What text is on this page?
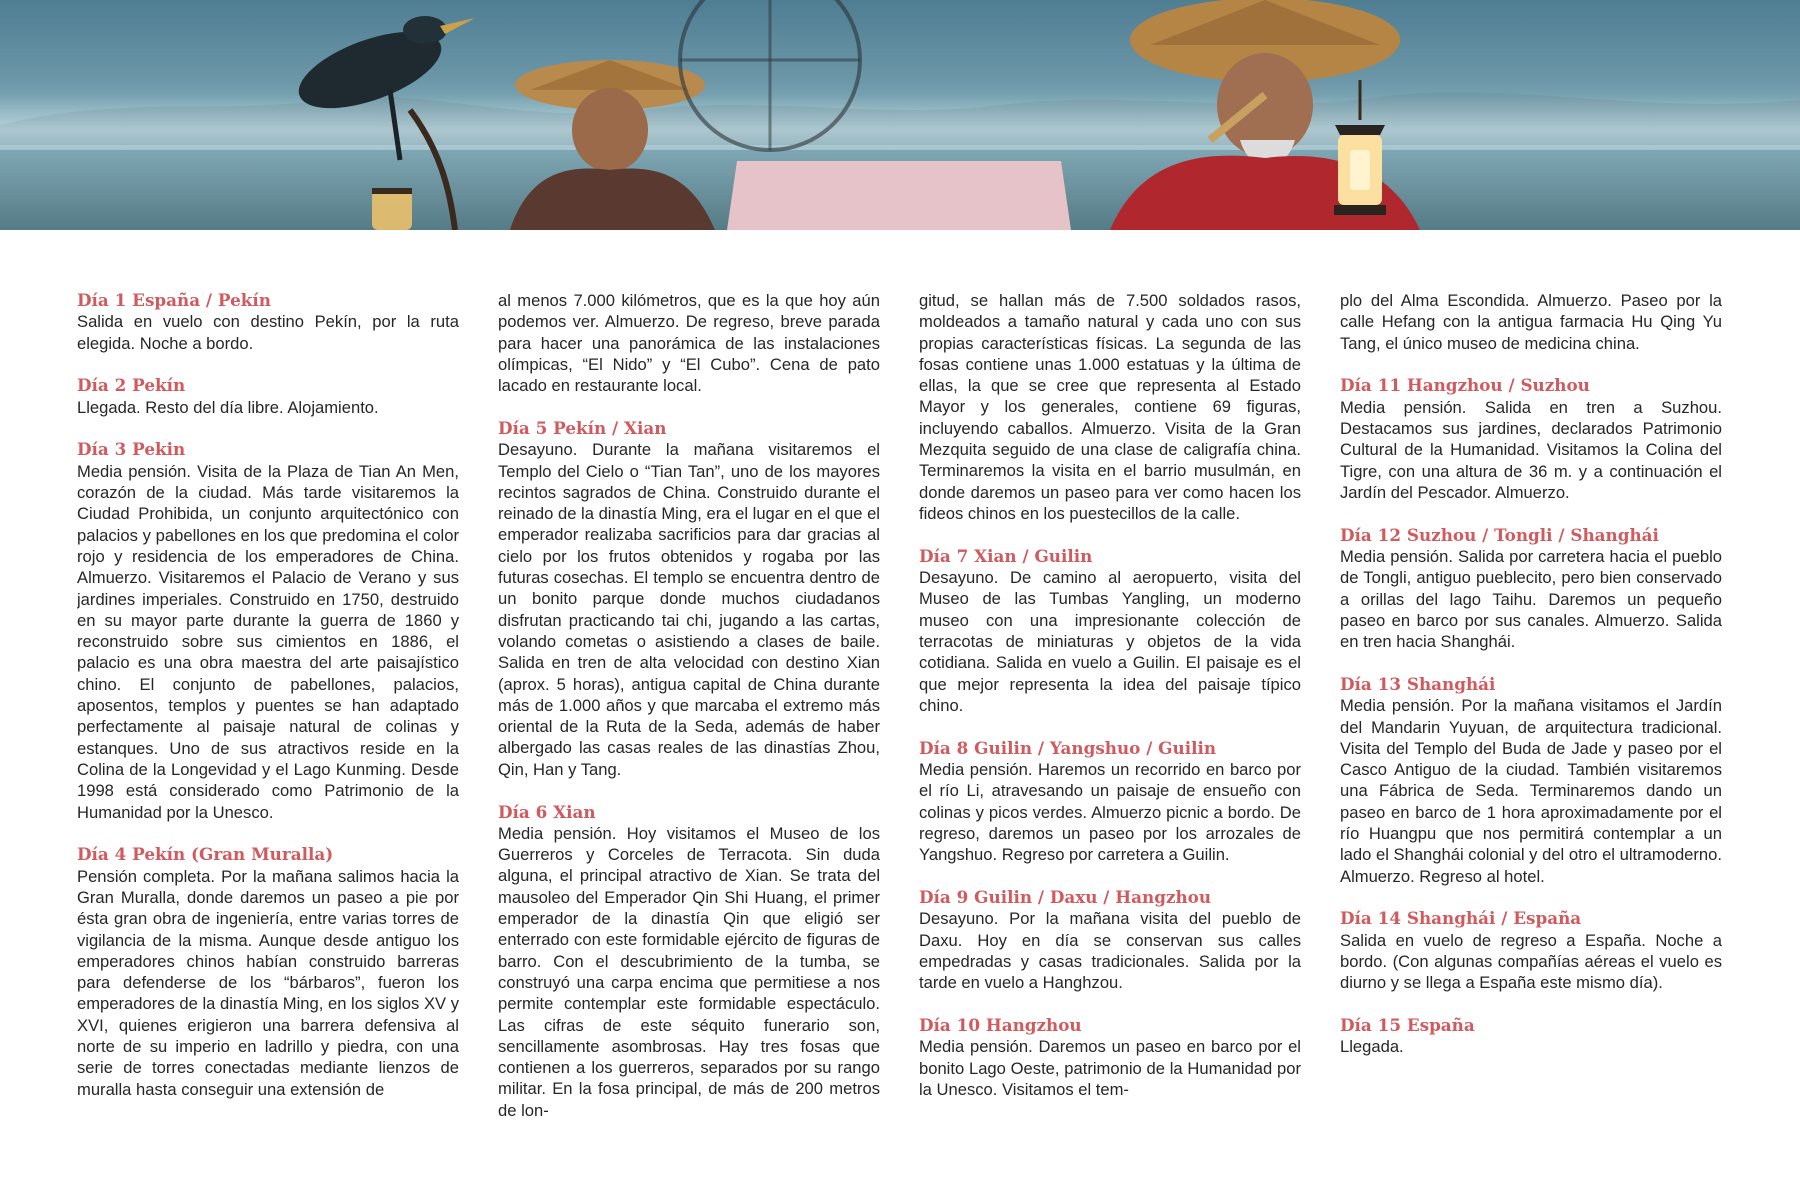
Día 1 España / Pekín

Salida en vuelo con destino Pekín, por la ruta elegida. Noche a bordo.

Día 2 Pekín

Llegada. Resto del día libre. Alojamiento.

Día 3 Pekin

Media pensión. Visita de la Plaza de Tian An Men, corazón de la ciudad. Más tarde visitaremos la Ciudad Prohibida, un conjunto arquitectónico con palacios y pabellones en los que predomina el color rojo y residencia de los emperadores de China. Almuerzo. Visitaremos el Palacio de Verano y sus jardines imperiales. Construido en 1750, destruido en su mayor parte durante la guerra de 1860 y reconstruido sobre sus cimientos en 1886, el palacio es una obra maestra del arte paisajístico chino. El conjunto de pabellones, palacios, aposentos, templos y puentes se han adaptado perfectamente al paisaje natural de colinas y estanques. Uno de sus atractivos reside en la Colina de la Longevidad y el Lago Kunming. Desde 1998 está considerado como Patrimonio de la Humanidad por la Unesco.

Día 4 Pekín (Gran Muralla)

Pensión completa. Por la mañana salimos hacia la Gran Muralla, donde daremos un paseo a pie por ésta gran obra de ingeniería, entre varias torres de vigilancia de la misma. Aunque desde antiguo los emperadores chinos habían construido barreras para defenderse de los “bárbaros”, fueron los emperadores de la dinastía Ming, en los siglos XV y XVI, quienes erigieron una barrera defensiva al norte de su imperio en ladrillo y piedra, con una serie de torres conectadas mediante lienzos de muralla hasta conseguir una extensión de

al menos 7.000 kilómetros, que es la que hoy aún podemos ver. Almuerzo. De regreso, breve parada para hacer una panorámica de las instalaciones olímpicas, “El Nido” y “El Cubo”. Cena de pato lacado en restaurante local.

Día 5 Pekín / Xian

Desayuno. Durante la mañana visitaremos el Templo del Cielo o “Tian Tan”, uno de los mayores recintos sagrados de China. Construido durante el reinado de la dinastía Ming, era el lugar en el que el emperador realizaba sacrificios para dar gracias al cielo por los frutos obtenidos y rogaba por las futuras cosechas. El templo se encuentra dentro de un bonito parque donde muchos ciudadanos disfrutan practicando tai chi, jugando a las cartas, volando cometas o asistiendo a clases de baile. Salida en tren de alta velocidad con destino Xian (aprox. 5 horas), antigua capital de China durante más de 1.000 años y que marcaba el extremo más oriental de la Ruta de la Seda, además de haber albergado las casas reales de las dinastías Zhou, Qin, Han y Tang.

Día 6 Xian

Media pensión. Hoy visitamos el Museo de los Guerreros y Corceles de Terracota. Sin duda alguna, el principal atractivo de Xian. Se trata del mausoleo del Emperador Qin Shi Huang, el primer emperador de la dinastía Qin que eligió ser enterrado con este formidable ejército de figuras de barro. Con el descubrimiento de la tumba, se construyó una carpa encima que permitiese a nos permite contemplar este formidable espectáculo. Las cifras de este séquito funerario son, sencillamente asombrosas. Hay tres fosas que contienen a los guerreros, separados por su rango militar. En la fosa principal, de más de 200 metros de lon-

gitud, se hallan más de 7.500 soldados rasos, moldeados a tamaño natural y cada uno con sus propias características físicas. La segunda de las fosas contiene unas 1.000 estatuas y la última de ellas, la que se cree que representa al Estado Mayor y los generales, contiene 69 figuras, incluyendo caballos. Almuerzo. Visita de la Gran Mezquita seguido de una clase de caligrafía china. Terminaremos la visita en el barrio musulmán, en donde daremos un paseo para ver como hacen los fideos chinos en los puestecillos de la calle.

Día 7 Xian / Guilin

Desayuno. De camino al aeropuerto, visita del Museo de las Tumbas Yangling, un moderno museo con una impresionante colección de terracotas de miniaturas y objetos de la vida cotidiana. Salida en vuelo a Guilin. El paisaje es el que mejor representa la idea del paisaje típico chino.

Día 8 Guilin / Yangshuo / Guilin

Media pensión. Haremos un recorrido en barco por el río Li, atravesando un paisaje de ensueño con colinas y picos verdes. Almuerzo picnic a bordo. De regreso, daremos un paseo por los arrozales de Yangshuo. Regreso por carretera a Guilin.

Día 9 Guilin / Daxu / Hangzhou

Desayuno. Por la mañana visita del pueblo de Daxu. Hoy en día se conservan sus calles empedradas y casas tradicionales. Salida por la tarde en vuelo a Hanghzou.

Día 10 Hangzhou

Media pensión. Daremos un paseo en barco por el bonito Lago Oeste, patrimonio de la Humanidad por la Unesco. Visitamos el tem-

plo del Alma Escondida. Almuerzo. Paseo por la calle Hefang con la antigua farmacia Hu Qing Yu Tang, el único museo de medicina china.

Día 11 Hangzhou / Suzhou

Media pensión. Salida en tren a Suzhou. Destacamos sus jardines, declarados Patrimonio Cultural de la Humanidad. Visitamos la Colina del Tigre, con una altura de 36 m. y a continuación el Jardín del Pescador. Almuerzo.

Día 12 Suzhou / Tongli / Shanghái

Media pensión. Salida por carretera hacia el pueblo de Tongli, antiguo pueblecito, pero bien conservado a orillas del lago Taihu. Daremos un pequeño paseo en barco por sus canales. Almuerzo. Salida en tren hacia Shanghái.

Día 13 Shanghái

Media pensión. Por la mañana visitamos el Jardín del Mandarin Yuyuan, de arquitectura tradicional. Visita del Templo del Buda de Jade y paseo por el Casco Antiguo de la ciudad. También visitaremos una Fábrica de Seda. Terminaremos dando un paseo en barco de 1 hora aproximadamente por el río Huangpu que nos permitirá contemplar a un lado el Shanghái colonial y del otro el ultramoderno. Almuerzo. Regreso al hotel.

Día 14 Shanghái / España

Salida en vuelo de regreso a España. Noche a bordo. (Con algunas compañías aéreas el vuelo es diurno y se llega a España este mismo día).

Día 15 España

Llegada.
